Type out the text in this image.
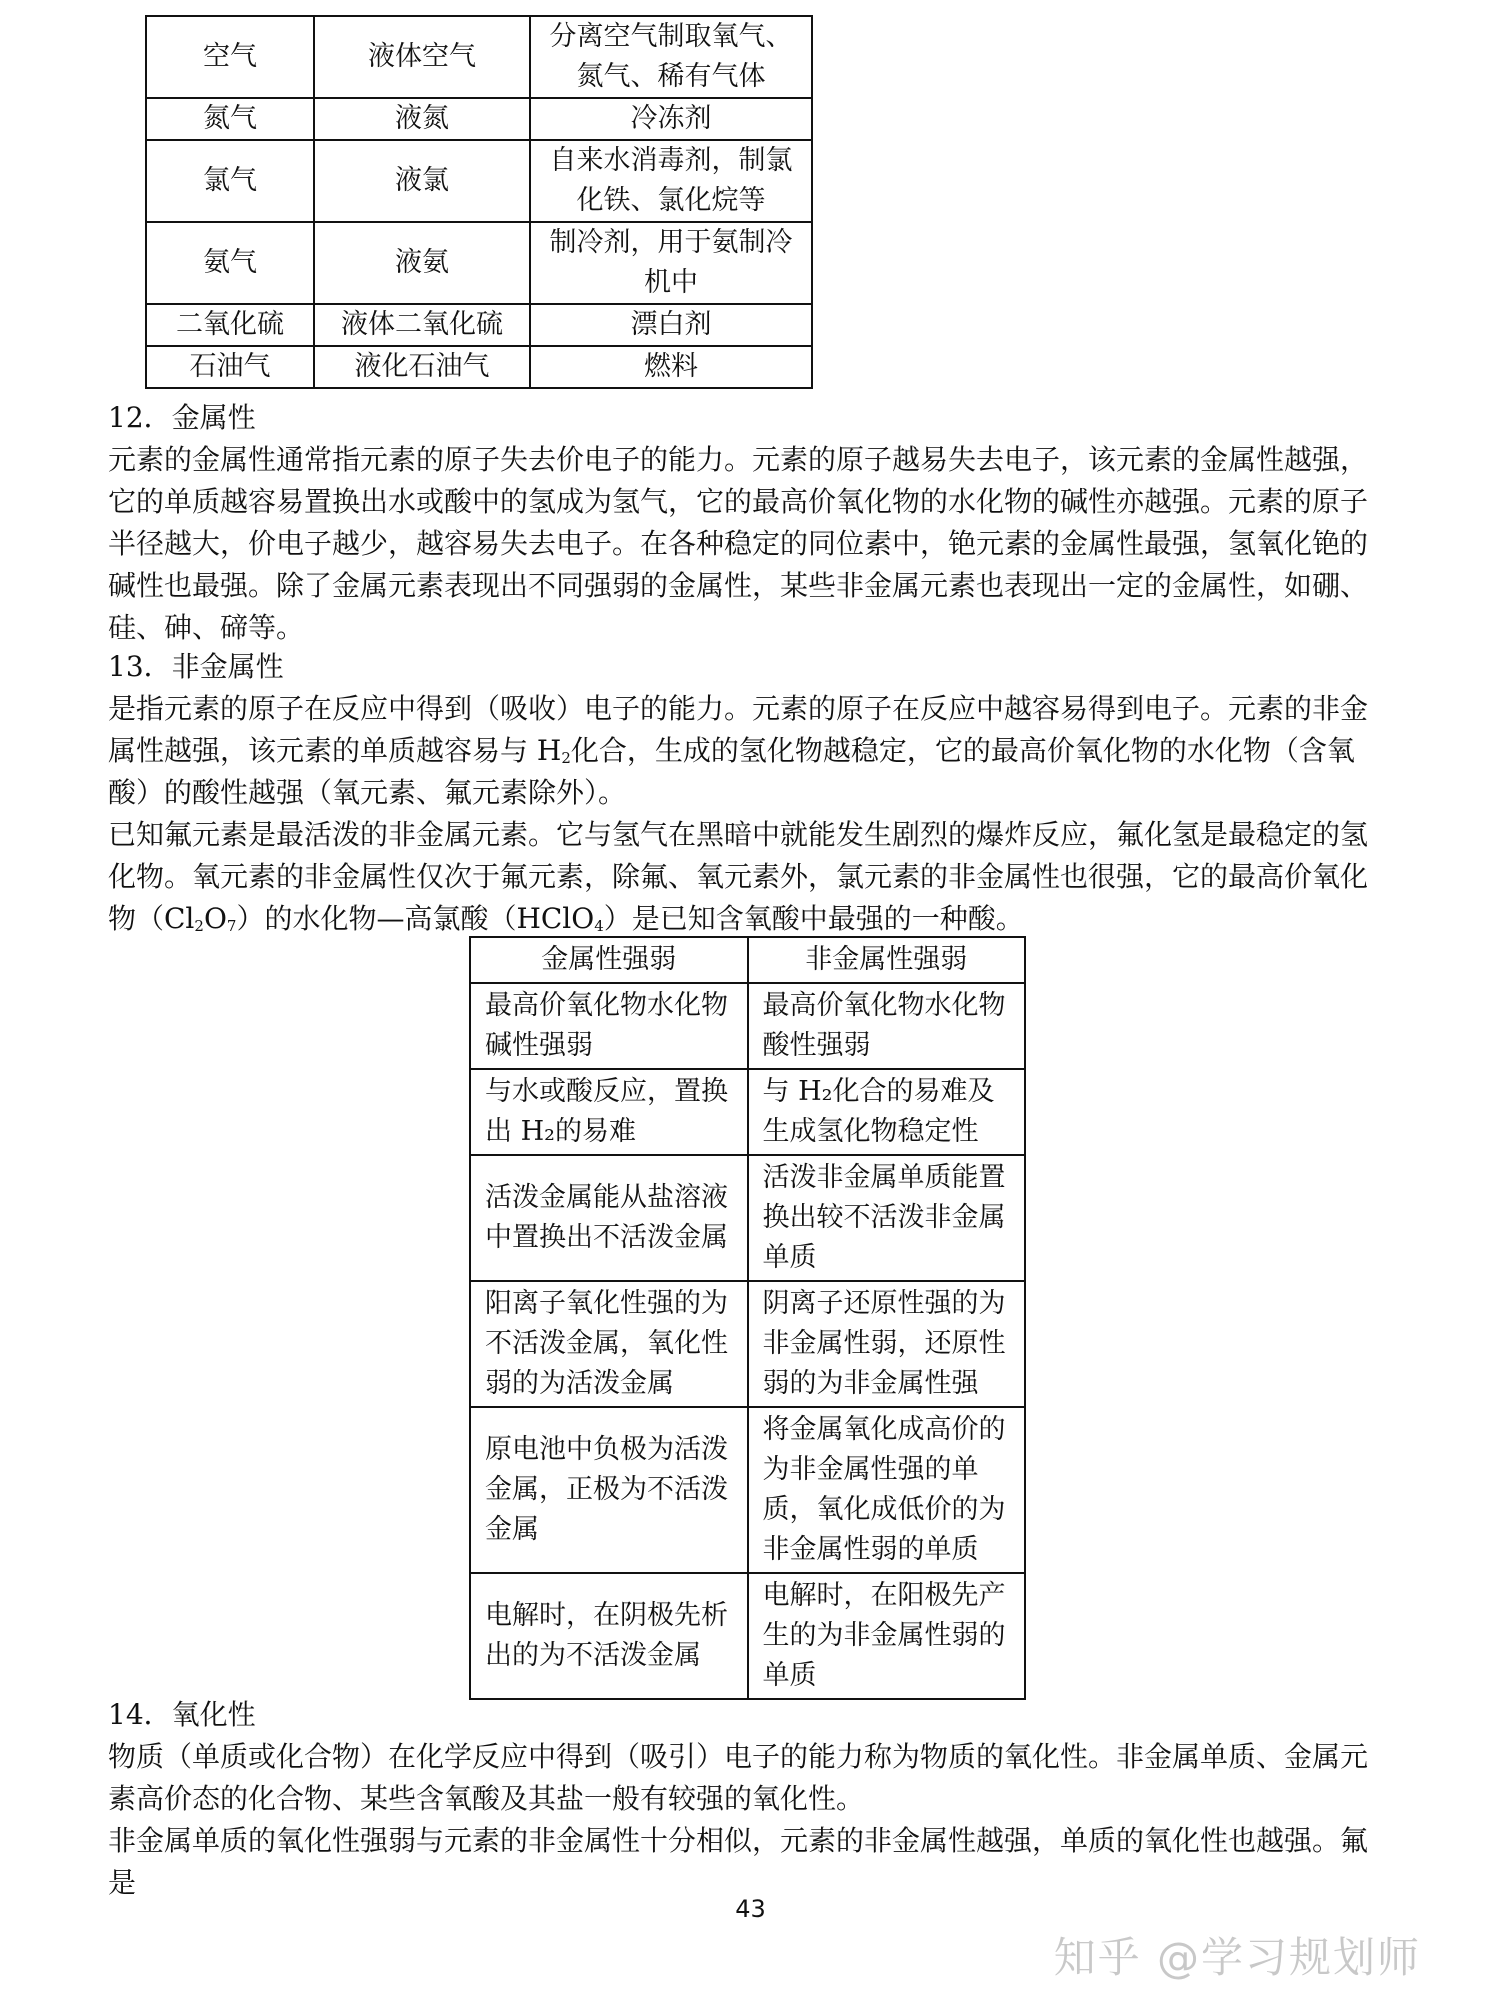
空气	液体空气	分离空气制取氧气、氮气、稀有气体
氮气	液氮	冷冻剂
氯气	液氯	自来水消毒剂，制氯化铁、氯化烷等
氨气	液氨	制冷剂，用于氨制冷机中
二氧化硫	液体二氧化硫	漂白剂
石油气	液化石油气	燃料
12．金属性
元素的金属性通常指元素的原子失去价电子的能力。元素的原子越易失去电子，该元素的金属性越强，它的单质越容易置换出水或酸中的氢成为氢气，它的最高价氧化物的水化物的碱性亦越强。元素的原子半径越大，价电子越少，越容易失去电子。在各种稳定的同位素中，铯元素的金属性最强，氢氧化铯的碱性也最强。除了金属元素表现出不同强弱的金属性，某些非金属元素也表现出一定的金属性，如硼、硅、砷、碲等。
13．非金属性
是指元素的原子在反应中得到（吸收）电子的能力。元素的原子在反应中越容易得到电子。元素的非金属性越强，该元素的单质越容易与 $H_2$化合，生成的氢化物越稳定，它的最高价氧化物的水化物（含氧酸）的酸性越强（氧元素、氟元素除外）。
已知氟元素是最活泼的非金属元素。它与氢气在黑暗中就能发生剧烈的爆炸反应，氟化氢是最稳定的氢化物。氧元素的非金属性仅次于氟元素，除氟、氧元素外，氯元素的非金属性也很强，它的最高价氧化物$(Cl_2O_7)$的水化物—高氯酸（HClO$_4$）是已知含氧酸中最强的一种酸。
金属性强弱	非金属性强弱
最高价氧化物水化物碱性强弱	最高价氧化物水化物酸性强弱
与水或酸反应，置换出 H₂的易难	与 H₂化合的易难及生成氢化物稳定性
活泼金属能从盐溶液中置换出不活泼金属	活泼非金属单质能置换出较不活泼非金属单质
阳离子氧化性强的为不活泼金属，氧化性弱的为活泼金属	阴离子还原性强的为非金属性弱，还原性弱的为非金属性强
原电池中负极为活泼金属，正极为不活泼金属	将金属氧化成高价的为非金属性强的单质，氧化成低价的为非金属性弱的单质
电解时，在阴极先析出的为不活泼金属	电解时，在阳极先产生的为非金属性弱的单质
14．氧化性
物质（单质或化合物）在化学反应中得到（吸引）电子的能力称为物质的氧化性。非金属单质、金属元素高价态的化合物、某些含氧酸及其盐一般有较强的氧化性。
非金属单质的氧化性强弱与元素的非金属性十分相似，元素的非金属性越强，单质的氧化性也越强。氟是
43
知乎 @学习规划师
